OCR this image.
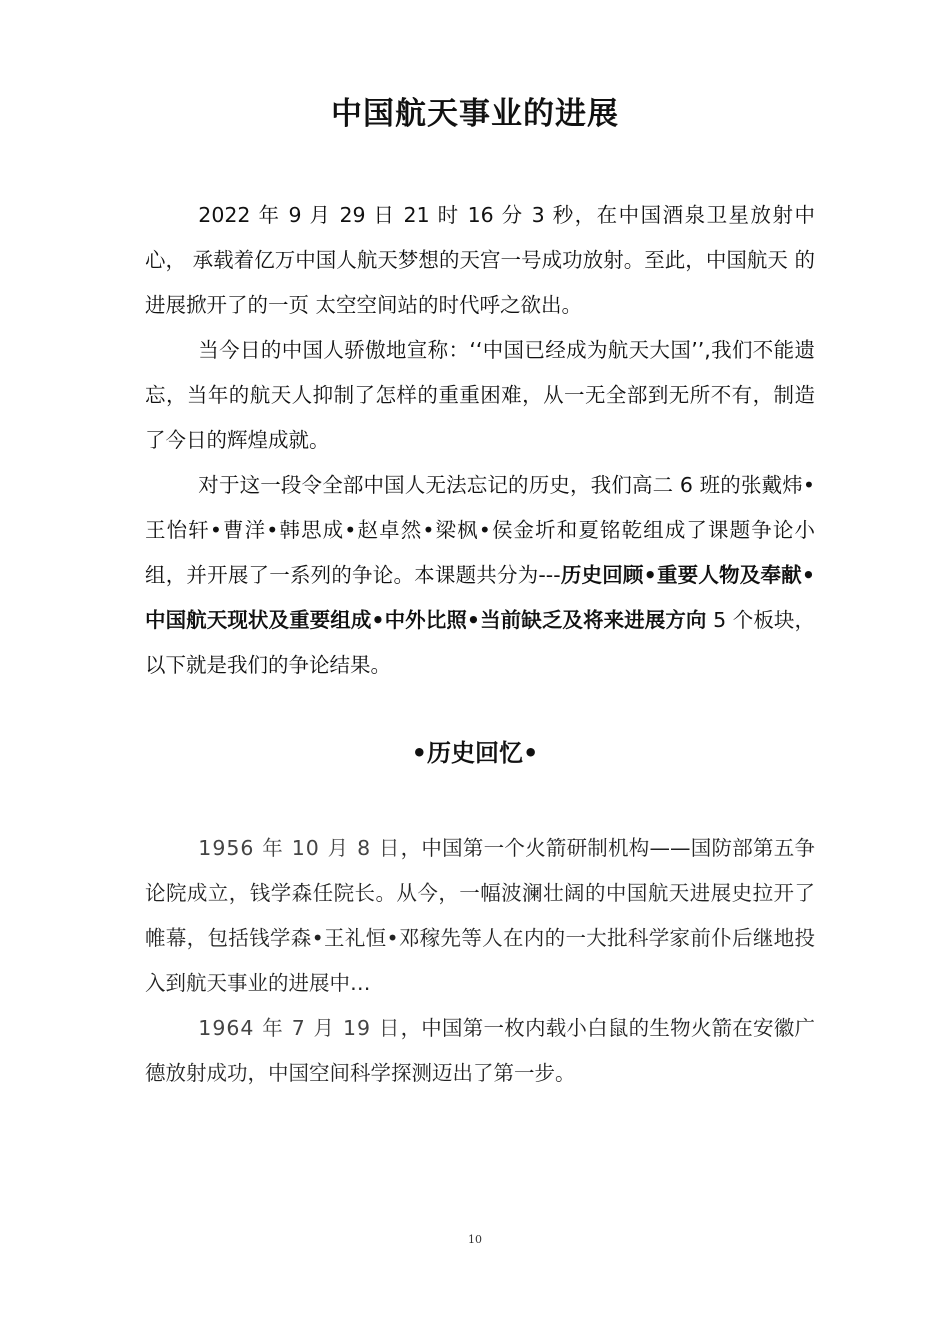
中国航天事业的进展

2022 年 9 月 29 日 21 时 16 分 3 秒，在中国酒泉卫星放射中心， 承载着亿万中国人航天梦想的天宫一号成功放射。至此，中国航天 的进展掀开了的一页 太空空间站的时代呼之欲出。

当今日的中国人骄傲地宣称：‘‘中国已经成为航天大国’’,我们不能遗忘，当年的航天人抑制了怎样的重重困难，从一无全部到无所不有，制造了今日的辉煌成就。

对于这一段令全部中国人无法忘记的历史，我们高二 6 班的张戴炜•王怡轩•曹洋•韩思成•赵卓然•梁枫•侯金圻和夏铭乾组成了课题争论小组，并开展了一系列的争论。本课题共分为---历史回顾•重要人物及奉献•中国航天现状及重要组成•中外比照•当前缺乏及将来进展方向 5 个板块，以下就是我们的争论结果。

•历史回忆•

1956 年 10 月 8 日，中国第一个火箭研制机构——国防部第五争论院成立，钱学森任院长。从今，一幅波澜壮阔的中国航天进展史拉开了帷幕，包括钱学森•王礼恒•邓稼先等人在内的一大批科学家前仆后继地投入到航天事业的进展中…

1964 年 7 月 19 日，中国第一枚内载小白鼠的生物火箭在安徽广德放射成功，中国空间科学探测迈出了第一步。

10
